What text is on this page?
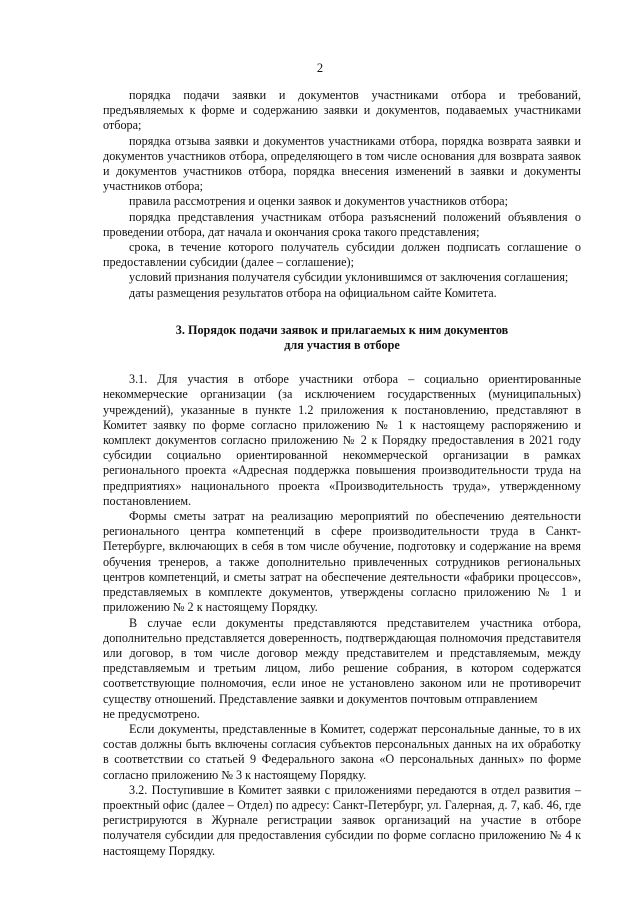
2

порядка подачи заявки и документов участниками отбора и требований, предъявляемых к форме и содержанию заявки и документов, подаваемых участниками отбора;

порядка отзыва заявки и документов участниками отбора, порядка возврата заявки и документов участников отбора, определяющего в том числе основания для возврата заявок и документов участников отбора, порядка внесения изменений в заявки и документы участников отбора;

правила рассмотрения и оценки заявок и документов участников отбора;

порядка представления участникам отбора разъяснений положений объявления о проведении отбора, дат начала и окончания срока такого представления;

срока, в течение которого получатель субсидии должен подписать соглашение о предоставлении субсидии (далее – соглашение);

условий признания получателя субсидии уклонившимся от заключения соглашения;

даты размещения результатов отбора на официальном сайте Комитета.

3. Порядок подачи заявок и прилагаемых к ним документов
для участия в отборе

3.1. Для участия в отборе участники отбора – социально ориентированные некоммерческие организации (за исключением государственных (муниципальных) учреждений), указанные в пункте 1.2 приложения к постановлению, представляют в Комитет заявку по форме согласно приложению № 1 к настоящему распоряжению и комплект документов согласно приложению № 2 к Порядку предоставления в 2021 году субсидии социально ориентированной некоммерческой организации в рамках регионального проекта «Адресная поддержка повышения производительности труда на предприятиях» национального проекта «Производительность труда», утвержденному постановлением.

Формы сметы затрат на реализацию мероприятий по обеспечению деятельности регионального центра компетенций в сфере производительности труда в Санкт-Петербурге, включающих в себя в том числе обучение, подготовку и содержание на время обучения тренеров, а также дополнительно привлеченных сотрудников региональных центров компетенций, и сметы затрат на обеспечение деятельности «фабрики процессов», представляемых в комплекте документов, утверждены согласно приложению № 1 и приложению № 2 к настоящему Порядку.

В случае если документы представляются представителем участника отбора, дополнительно представляется доверенность, подтверждающая полномочия представителя или договор, в том числе договор между представителем и представляемым, между представляемым и третьим лицом, либо решение собрания, в котором содержатся соответствующие полномочия, если иное не установлено законом или не противоречит существу отношений. Представление заявки и документов почтовым отправлением

не предусмотрено.

Если документы, представленные в Комитет, содержат персональные данные, то в их состав должны быть включены согласия субъектов персональных данных на их обработку в соответствии со статьей 9 Федерального закона «О персональных данных» по форме согласно приложению № 3 к настоящему Порядку.

3.2. Поступившие в Комитет заявки с приложениями передаются в отдел развития – проектный офис (далее – Отдел) по адресу: Санкт-Петербург, ул. Галерная, д. 7, каб. 46, где регистрируются в Журнале регистрации заявок организаций на участие в отборе получателя субсидии для предоставления субсидии по форме согласно приложению № 4 к настоящему Порядку.
